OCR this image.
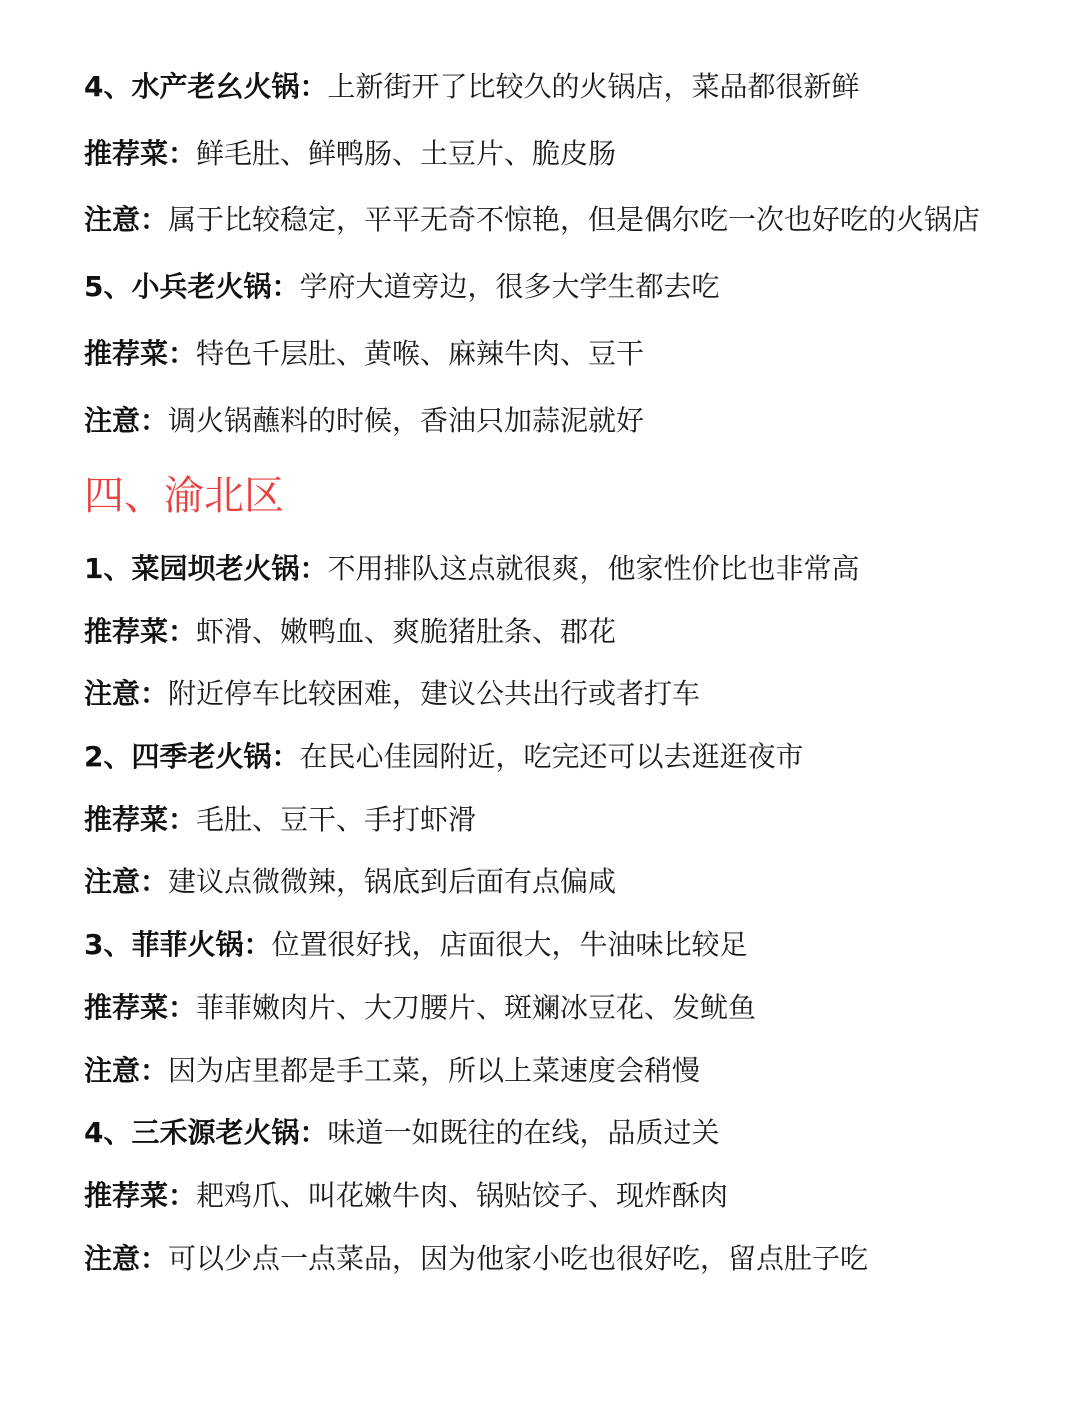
4、水产老幺火锅：上新街开了比较久的火锅店，菜品都很新鲜
推荐菜：鲜毛肚、鲜鸭肠、土豆片、脆皮肠
注意：属于比较稳定，平平无奇不惊艳，但是偶尔吃一次也好吃的火锅店
5、小兵老火锅：学府大道旁边，很多大学生都去吃
推荐菜：特色千层肚、黄喉、麻辣牛肉、豆干
注意：调火锅蘸料的时候，香油只加蒜泥就好
四、渝北区
1、菜园坝老火锅：不用排队这点就很爽，他家性价比也非常高
推荐菜：虾滑、嫩鸭血、爽脆猪肚条、郡花
注意：附近停车比较困难，建议公共出行或者打车
2、四季老火锅：在民心佳园附近，吃完还可以去逛逛夜市
推荐菜：毛肚、豆干、手打虾滑
注意：建议点微微辣，锅底到后面有点偏咸
3、菲菲火锅：位置很好找，店面很大，牛油味比较足
推荐菜：菲菲嫩肉片、大刀腰片、斑斓冰豆花、发鱿鱼
注意：因为店里都是手工菜，所以上菜速度会稍慢
4、三禾源老火锅：味道一如既往的在线，品质过关
推荐菜：耙鸡爪、叫花嫩牛肉、锅贴饺子、现炸酥肉
注意：可以少点一点菜品，因为他家小吃也很好吃，留点肚子吃
